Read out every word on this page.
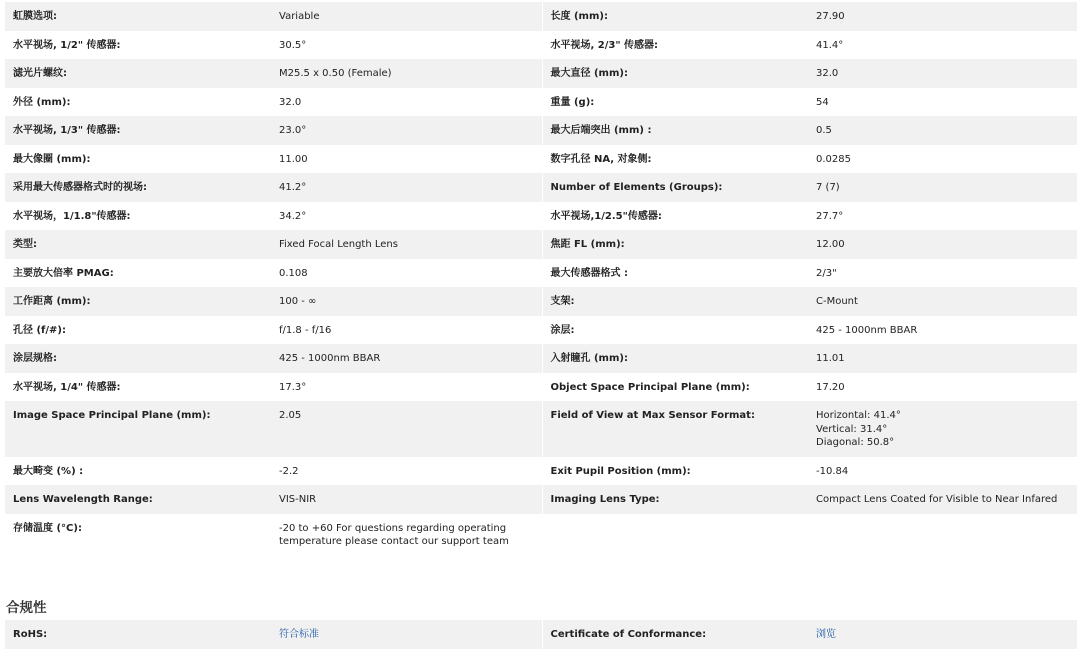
虹膜选项:	Variable	长度 (mm):	27.90
水平视场, 1/2" 传感器:	30.5°	水平视场, 2/3" 传感器:	41.4°
滤光片螺纹:	M25.5 x 0.50 (Female)	最大直径 (mm):	32.0
外径 (mm):	32.0	重量 (g):	54
水平视场, 1/3" 传感器:	23.0°	最大后端突出 (mm) :	0.5
最大像圈 (mm):	11.00	数字孔径 NA, 对象侧:	0.0285
采用最大传感器格式时的视场:	41.2°	Number of Elements (Groups):	7 (7)
水平视场，1/1.8"传感器:	34.2°	水平视场,1/2.5"传感器:	27.7°
类型:	Fixed Focal Length Lens	焦距 FL (mm):	12.00
主要放大倍率 PMAG:	0.108	最大传感器格式 :	2/3"
工作距离 (mm):	100 - ∞	支架:	C-Mount
孔径 (f/#):	f/1.8 - f/16	涂层:	425 - 1000nm BBAR
涂层规格:	425 - 1000nm BBAR	入射瞳孔 (mm):	11.01
水平视场, 1/4" 传感器:	17.3°	Object Space Principal Plane (mm):	17.20
Image Space Principal Plane (mm):	2.05	Field of View at Max Sensor Format:	Horizontal: 41.4°
Vertical: 31.4°
Diagonal: 50.8°
最大畸变 (%) :	-2.2	Exit Pupil Position (mm):	-10.84
Lens Wavelength Range:	VIS-NIR	Imaging Lens Type:	Compact Lens Coated for Visible to Near Infared
存储温度 (°C):	-20 to +60 For questions regarding operating
temperature please contact our support team		
合规性
RoHS:	符合标准	Certificate of Conformance:	浏览
